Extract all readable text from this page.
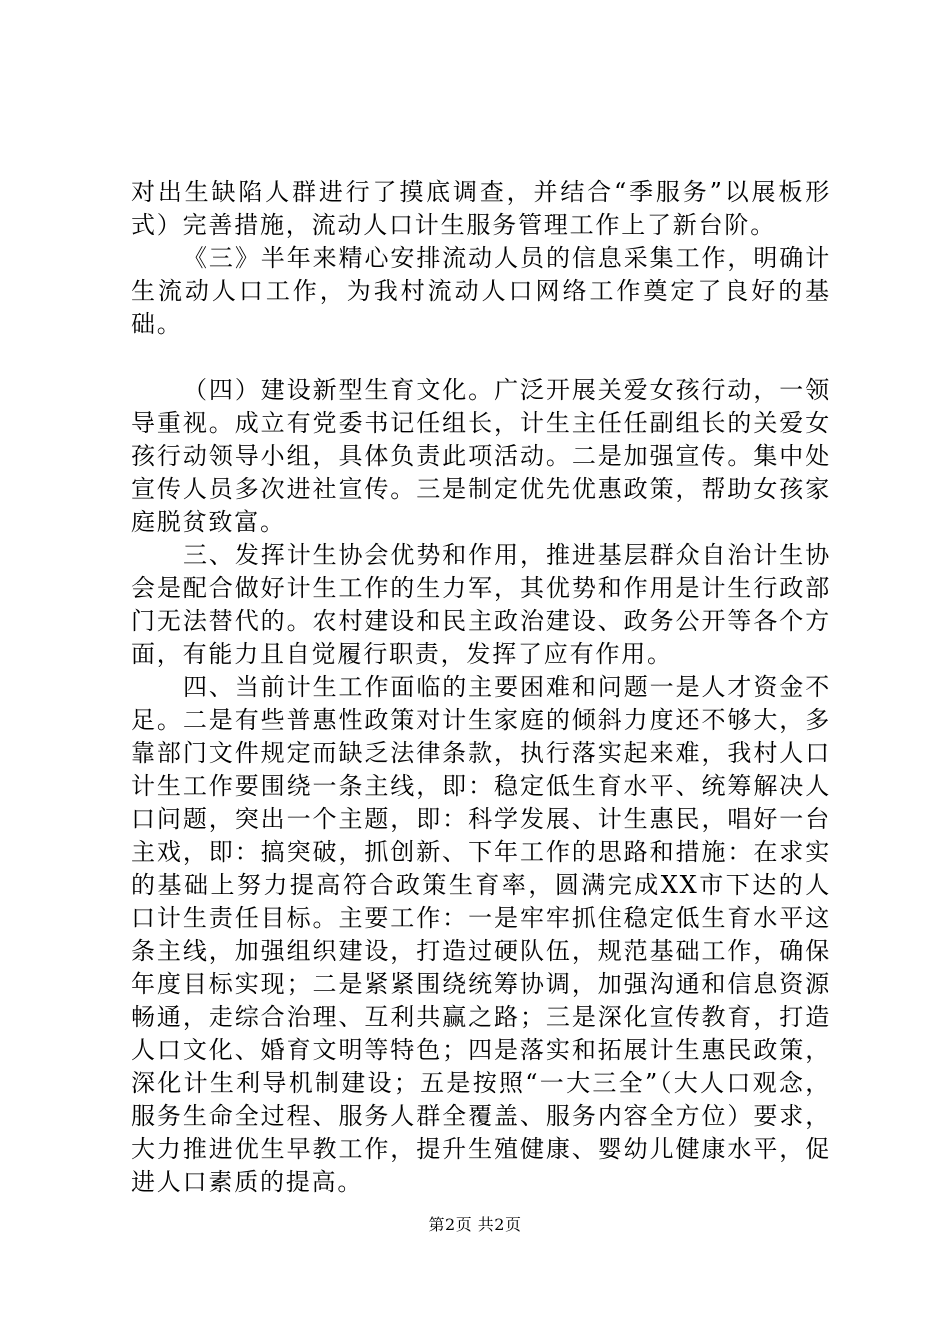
对出生缺陷人群进行了摸底调查，并结合“季服务”以展板形式）完善措施，流动人口计生服务管理工作上了新台阶。

《三》半年来精心安排流动人员的信息采集工作，明确计生流动人口工作，为我村流动人口网络工作奠定了良好的基础。

（四）建设新型生育文化。广泛开展关爱女孩行动，一领导重视。成立有党委书记任组长，计生主任任副组长的关爱女孩行动领导小组，具体负责此项活动。二是加强宣传。集中处宣传人员多次进社宣传。三是制定优先优惠政策，帮助女孩家庭脱贫致富。

三、发挥计生协会优势和作用，推进基层群众自治计生协会是配合做好计生工作的生力军，其优势和作用是计生行政部门无法替代的。农村建设和民主政治建设、政务公开等各个方面，有能力且自觉履行职责，发挥了应有作用。

四、当前计生工作面临的主要困难和问题一是人才资金不足。二是有些普惠性政策对计生家庭的倾斜力度还不够大，多靠部门文件规定而缺乏法律条款，执行落实起来难，我村人口计生工作要围绕一条主线，即：稳定低生育水平、统筹解决人口问题，突出一个主题，即：科学发展、计生惠民，唱好一台主戏，即：搞突破，抓创新、下年工作的思路和措施：在求实的基础上努力提高符合政策生育率，圆满完成XX市下达的人口计生责任目标。主要工作：一是牢牢抓住稳定低生育水平这条主线，加强组织建设，打造过硬队伍，规范基础工作，确保年度目标实现；二是紧紧围绕统筹协调，加强沟通和信息资源畅通，走综合治理、互利共赢之路；三是深化宣传教育，打造人口文化、婚育文明等特色；四是落实和拓展计生惠民政策，深化计生利导机制建设；五是按照“一大三全”（大人口观念，服务生命全过程、服务人群全覆盖、服务内容全方位）要求，大力推进优生早教工作，提升生殖健康、婴幼儿健康水平，促进人口素质的提高。

第2页 共2页
